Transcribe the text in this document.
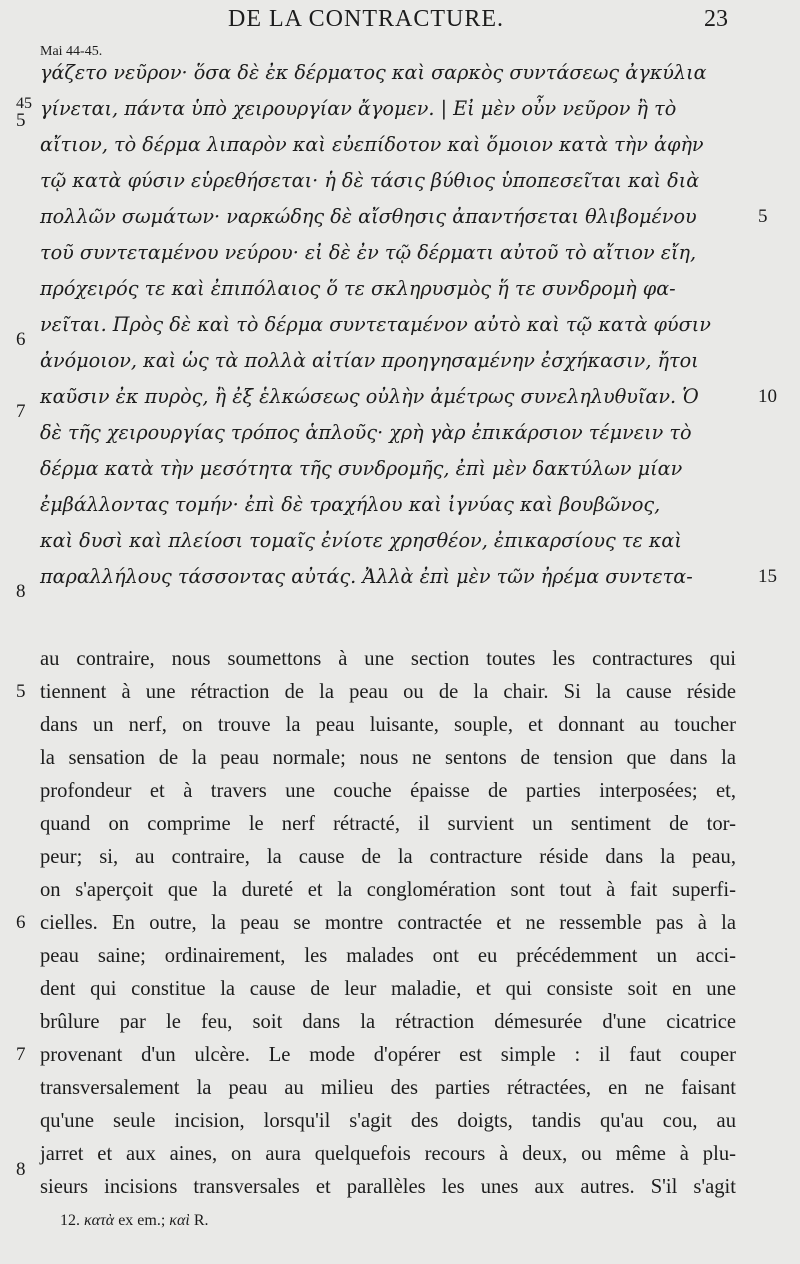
DE LA CONTRACTURE.	23
Mai 44-45.
γάζετο νεῦρον· ὅσα δὲ ἐκ δέρματος καὶ σαρκὸς συντάσεως ἀγκύλια
γίνεται, πάντα ὑπὸ χειρουργίαν ἄγομεν. | Εἰ μὲν οὖν νεῦρον ἢ τὸ
αἴτιον, τὸ δέρμα λιπαρὸν καὶ εὐεπίδοτον καὶ ὅμοιον κατὰ τὴν ἀφὴν
τῷ κατὰ φύσιν εὑρεθήσεται· ἡ δὲ τάσις βύθιος ὑποπεσεῖται καὶ διὰ
πολλῶν σωμάτων· ναρκώδης δὲ αἴσθησις ἀπαντήσεται θλιβομένου
τοῦ συντεταμένου νεύρου· εἰ δὲ ἐν τῷ δέρματι αὐτοῦ τὸ αἴτιον εἴη,
πρόχειρός τε καὶ ἐπιπόλαιος ὅ τε σκληρυσμὸς ἥ τε συνδρομὴ φα-
νεῖται. Πρὸς δὲ καὶ τὸ δέρμα συντεταμένον αὐτὸ καὶ τῷ κατὰ φύσιν
ἀνόμοιον, καὶ ὡς τὰ πολλὰ αἰτίαν προηγησαμένην ἐσχήκασιν, ἤτοι
καῦσιν ἐκ πυρὸς, ἢ ἐξ ἑλκώσεως οὐλὴν ἀμέτρως συνεληλυθυῖαν. Ὁ
δὲ τῆς χειρουργίας τρόπος ἁπλοῦς· χρὴ γὰρ ἐπικάρσιον τέμνειν τὸ
δέρμα κατὰ τὴν μεσότητα τῆς συνδρομῆς, ἐπὶ μὲν δακτύλων μίαν
ἐμβάλλοντας τομήν· ἐπὶ δὲ τραχήλου καὶ ἰγνύας καὶ βουβῶνος,
καὶ δυσὶ καὶ πλείοσι τομαῖς ἐνίοτε χρησθέον, ἐπικαρσίους τε καὶ
παραλλήλους τάσσοντας αὐτάς. Ἀλλὰ ἐπὶ μὲν τῶν ἠρέμα συντετα-
45
5
6
7
8
5
10
15
au contraire, nous soumettons à une section toutes les contractures qui
tiennent à une rétraction de la peau ou de la chair. Si la cause réside
dans un nerf, on trouve la peau luisante, souple, et donnant au toucher
la sensation de la peau normale; nous ne sentons de tension que dans la
profondeur et à travers une couche épaisse de parties interposées; et,
quand on comprime le nerf rétracté, il survient un sentiment de tor-
peur; si, au contraire, la cause de la contracture réside dans la peau,
on s'aperçoit que la dureté et la conglomération sont tout à fait superfi-
cielles. En outre, la peau se montre contractée et ne ressemble pas à la
peau saine; ordinairement, les malades ont eu précédemment un acci-
dent qui constitue la cause de leur maladie, et qui consiste soit en une
brûlure par le feu, soit dans la rétraction démesurée d'une cicatrice
provenant d'un ulcère. Le mode d'opérer est simple : il faut couper
transversalement la peau au milieu des parties rétractées, en ne faisant
qu'une seule incision, lorsqu'il s'agit des doigts, tandis qu'au cou, au
jarret et aux aines, on aura quelquefois recours à deux, ou même à plu-
sieurs incisions transversales et parallèles les unes aux autres. S'il s'agit
5
6
7
8
12. κατὰ ex em.; καὶ R.
